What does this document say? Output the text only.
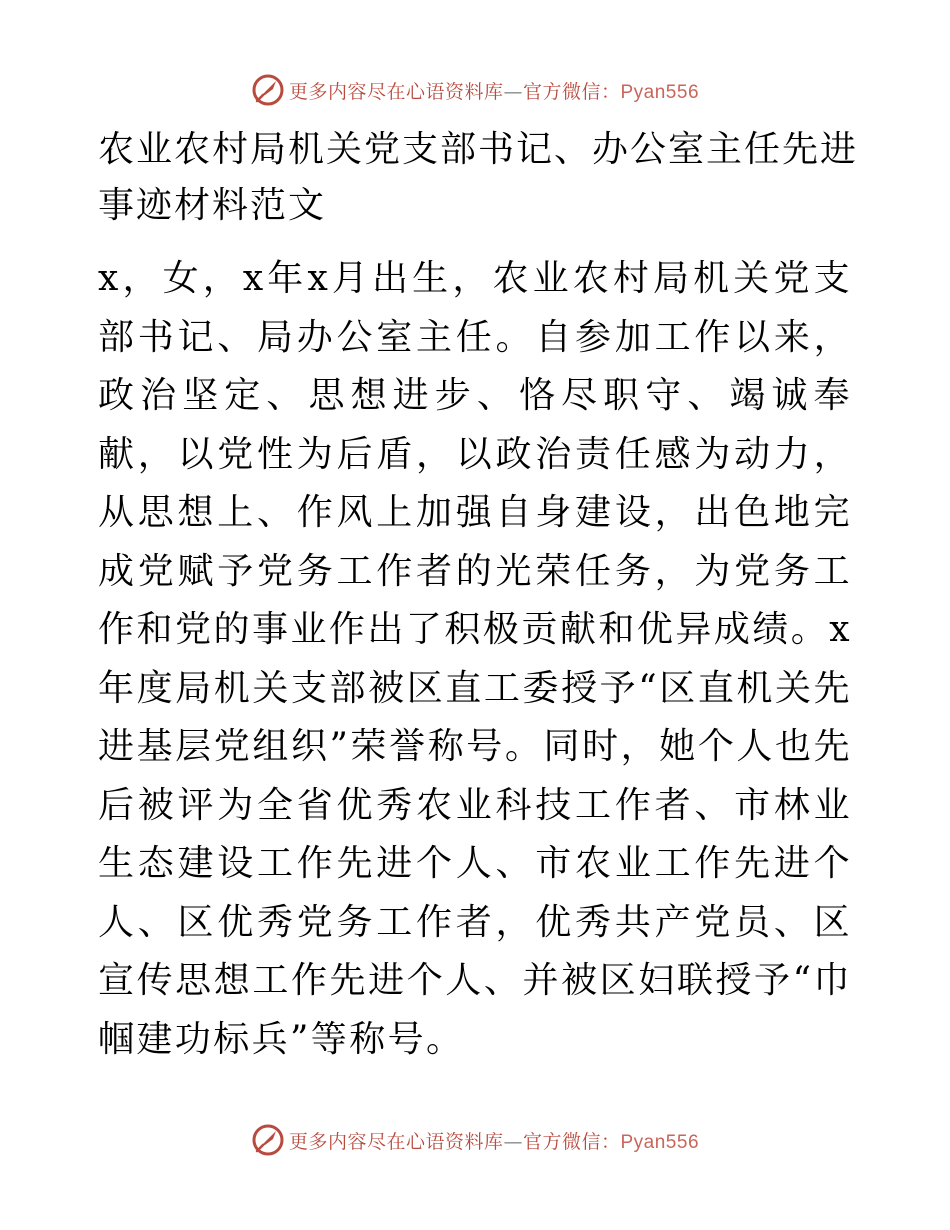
更多内容尽在心语资料库—官方微信：Pyan556
农业农村局机关党支部书记、办公室主任先进事迹材料范文

x，女，x年x月出生，农业农村局机关党支部书记、局办公室主任。自参加工作以来，政治坚定、思想进步、恪尽职守、竭诚奉献，以党性为后盾，以政治责任感为动力，从思想上、作风上加强自身建设，出色地完成党赋予党务工作者的光荣任务，为党务工作和党的事业作出了积极贡献和优异成绩。x年度局机关支部被区直工委授予“区直机关先进基层党组织”荣誉称号。同时，她个人也先后被评为全省优秀农业科技工作者、市林业生态建设工作先进个人、市农业工作先进个人、区优秀党务工作者，优秀共产党员、区宣传思想工作先进个人、并被区妇联授予“巾帼建功标兵”等称号。

更多内容尽在心语资料库—官方微信：Pyan556
